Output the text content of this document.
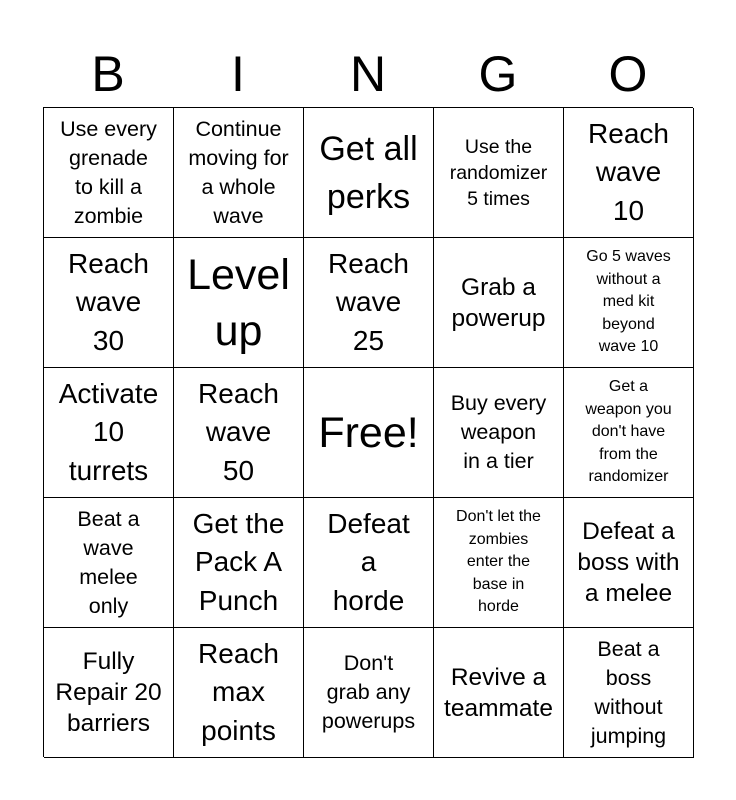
B	I	N	G	O
Use every
grenade
to kill a
zombie
Continue
moving for
a whole
wave
Get all
perks
Use the
randomizer
5 times
Reach
wave
10
Reach
wave
30
Level
up
Reach
wave
25
Grab a
powerup
Go 5 waves
without a
med kit
beyond
wave 10
Activate
10
turrets
Reach
wave
50
Free!
Buy every
weapon
in a tier
Get a
weapon you
don't have
from the
randomizer
Beat a
wave
melee
only
Get the
Pack A
Punch
Defeat
a
horde
Don't let the
zombies
enter the
base in
horde
Defeat a
boss with
a melee
Fully
Repair 20
barriers
Reach
max
points
Don't
grab any
powerups
Revive a
teammate
Beat a
boss
without
jumping
